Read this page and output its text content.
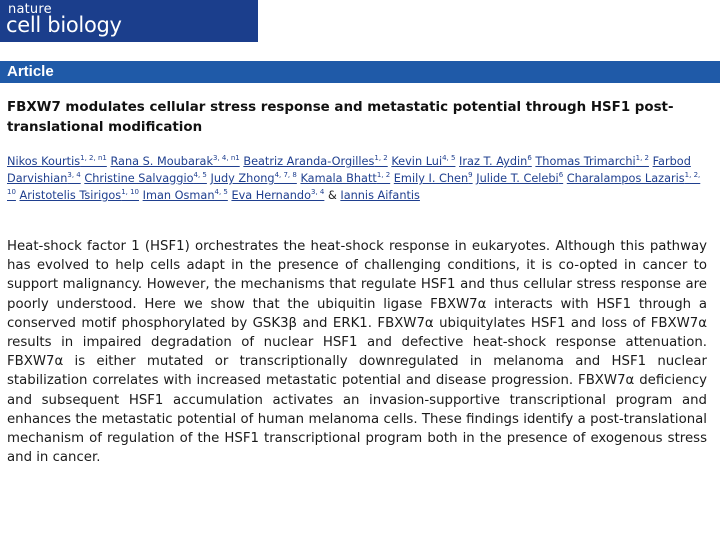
nature
cell biology
Article
FBXW7 modulates cellular stress response and metastatic potential through HSF1 post-translational modification
Nikos Kourtis$^{1, 2, n1}$ Rana S. Moubarak$^{3, 4, n1}$ Beatriz Aranda-Orgilles$^{1, 2}$ Kevin Lui$^{4, 5}$ Iraz T. Aydin$^6$ Thomas Trimarchi$^{1, 2}$ Farbod Darvishian$^{3, 4}$ Christine Salvaggio$^{4, 5}$ Judy Zhong$^{4, 7, 8}$ Kamala Bhatt$^{1, 2}$ Emily I. Chen$^9$ Julide T. Celebi$^6$ Charalampos Lazaris$^{1, 2, 10}$ Aristotelis Tsirigos$^{1, 10}$ Iman Osman$^{4, 5}$ Eva Hernando$^{3, 4}$ & Iannis Aifantis
Heat-shock factor 1 (HSF1) orchestrates the heat-shock response in eukaryotes. Although this pathway has evolved to help cells adapt in the presence of challenging conditions, it is co-opted in cancer to support malignancy. However, the mechanisms that regulate HSF1 and thus cellular stress response are poorly understood. Here we show that the ubiquitin ligase FBXW7α interacts with HSF1 through a conserved motif phosphorylated by GSK3β and ERK1. FBXW7α ubiquitylates HSF1 and loss of FBXW7α results in impaired degradation of nuclear HSF1 and defective heat-shock response attenuation. FBXW7α is either mutated or transcriptionally downregulated in melanoma and HSF1 nuclear stabilization correlates with increased metastatic potential and disease progression. FBXW7α deficiency and subsequent HSF1 accumulation activates an invasion-supportive transcriptional program and enhances the metastatic potential of human melanoma cells. These findings identify a post-translational mechanism of regulation of the HSF1 transcriptional program both in the presence of exogenous stress and in cancer.
